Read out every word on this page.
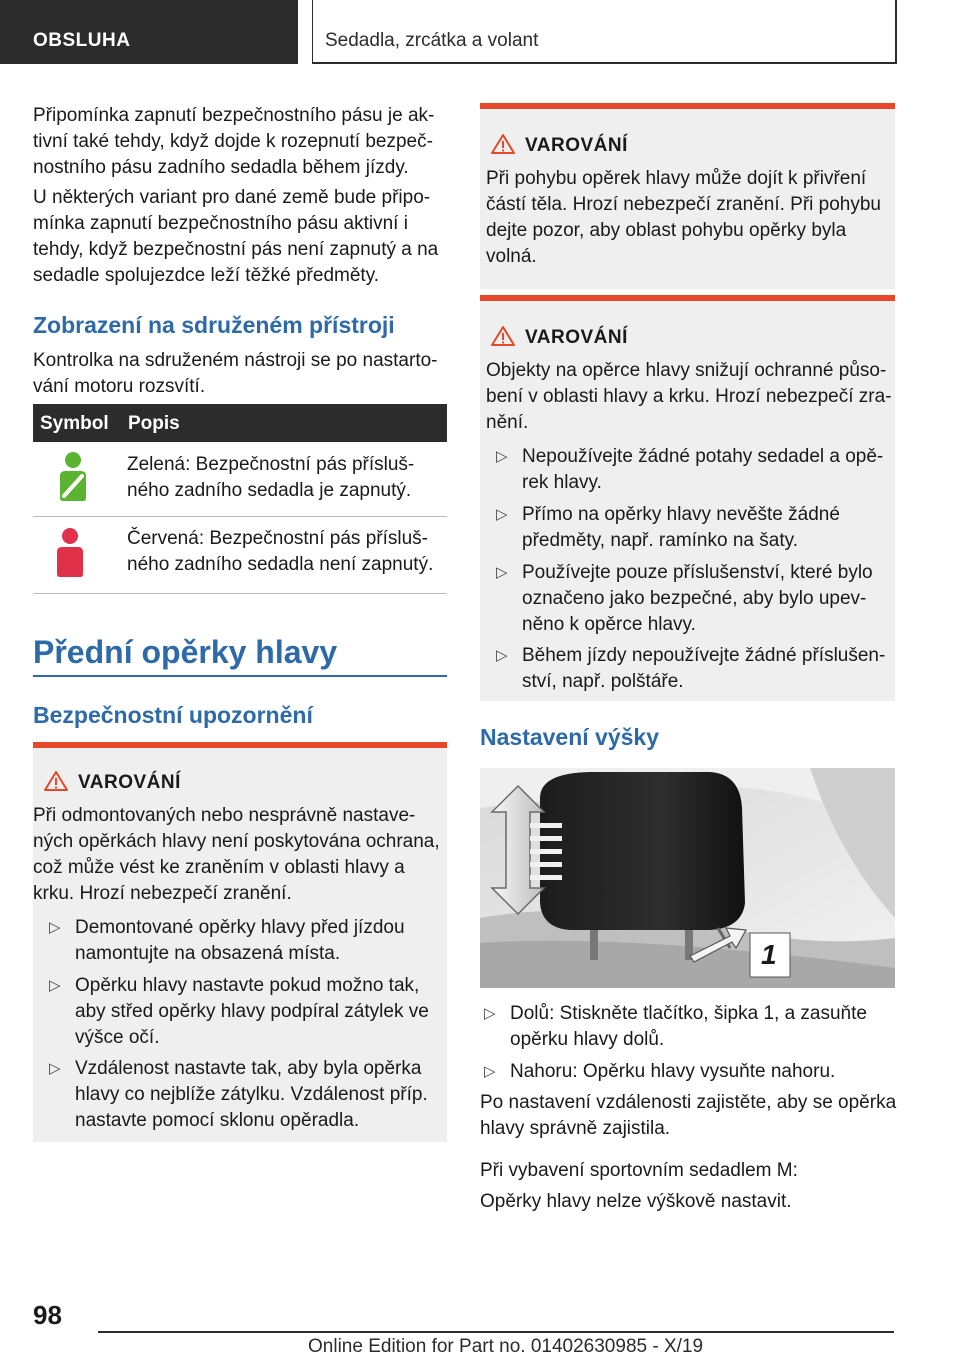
OBSLUHA	Sedadla, zrcátka a volant

Připomínka zapnutí bezpečnostního pásu je ak-

tivní také tehdy, když dojde k rozepnutí bezpeč-

nostního pásu zadního sedadla během jízdy.

U některých variant pro dané země bude připo-

mínka zapnutí bezpečnostního pásu aktivní i

tehdy, když bezpečnostní pás není zapnutý a na

sedadle spolujezdce leží těžké předměty.

Zobrazení na sdruženém přístroji

Kontrolka na sdruženém nástroji se po nastarto-

vání motoru rozsvítí.

Symbol Popis

Zelená: Bezpečnostní pás přísluš-

ného zadního sedadla je zapnutý.

Červená: Bezpečnostní pás přísluš-

ného zadního sedadla není zapnutý.

Přední opěrky hlavy
Bezpečnostní upozornění
VAROVÁNÍ

Při odmontovaných nebo nesprávně nastave-

ných opěrkách hlavy není poskytována ochrana,

což může vést ke zraněním v oblasti hlavy a

krku. Hrozí nebezpečí zranění.

▷ Demontované opěrky hlavy před jízdou
namontujte na obsazená místa.
▷ Opěrku hlavy nastavte pokud možno tak,
aby střed opěrky hlavy podpíral zátylek ve
výšce očí.
▷ Vzdálenost nastavte tak, aby byla opěrka
hlavy co nejblíže zátylku. Vzdálenost příp.
nastavte pomocí sklonu opěradla.
VAROVÁNÍ

Při pohybu opěrek hlavy může dojít k přivření

částí těla. Hrozí nebezpečí zranění. Při pohybu

dejte pozor, aby oblast pohybu opěrky byla

volná.

VAROVÁNÍ

Objekty na opěrce hlavy snižují ochranné půso-

bení v oblasti hlavy a krku. Hrozí nebezpečí zra-

nění.

▷ Nepoužívejte žádné potahy sedadel a opě-
rek hlavy.
▷ Přímo na opěrky hlavy nevěšte žádné
předměty, např. ramínko na šaty.
▷ Používejte pouze příslušenství, které bylo
označeno jako bezpečné, aby bylo upev-
něno k opěrce hlavy.
▷ Během jízdy nepoužívejte žádné příslušen-
ství, např. polštáře.
Nastavení výšky
1
▷ Dolů: Stiskněte tlačítko, šipka 1, a zasuňte
opěrku hlavy dolů.
▷ Nahoru: Opěrku hlavy vysuňte nahoru.

Po nastavení vzdálenosti zajistěte, aby se opěrka

hlavy správně zajistila.

Při vybavení sportovním sedadlem M:

Opěrky hlavy nelze výškově nastavit.

98
Online Edition for Part no. 01402630985 - X/19
